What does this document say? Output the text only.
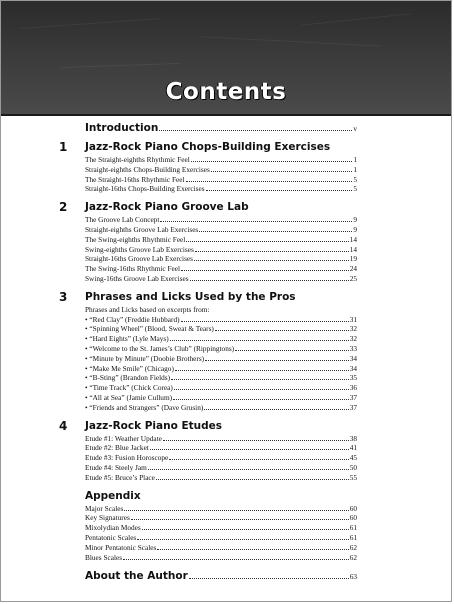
Contents
Introduction	v
1 Jazz-Rock Piano Chops-Building Exercises
The Straight-eighths Rhythmic Feel	1
Straight-eighths Chops-Building Exercises	1
The Straight-16ths Rhythmic Feel	5
Straight-16ths Chops-Building Exercises	5
2 Jazz-Rock Piano Groove Lab
The Groove Lab Concept	9
Straight-eighths Groove Lab Exercises	9
The Swing-eighths Rhythmic Feel	14
Swing-eighths Groove Lab Exercises	14
Straight-16ths Groove Lab Exercises	19
The Swing-16ths Rhythmic Feel	24
Swing-16ths Groove Lab Exercises	25
3 Phrases and Licks Used by the Pros
Phrases and Licks based on excerpts from:
• “Red Clay” (Freddie Hubbard)	31
• “Spinning Wheel” (Blood, Sweat & Tears)	32
• “Hard Eights” (Lyle Mays)	32
• “Welcome to the St. James’s Club” (Rippingtons)	33
• “Minute by Minute” (Doobie Brothers)	34
• “Make Me Smile” (Chicago)	34
• “B-Sting” (Brandon Fields)	35
• “Time Track” (Chick Corea)	36
• “All at Sea” (Jamie Cullum)	37
• “Friends and Strangers” (Dave Grusin)	37
4 Jazz-Rock Piano Etudes
Etude #1: Weather Update	38
Etude #2: Blue Jacket	41
Etude #3: Fusion Horoscope	45
Etude #4: Steely Jam	50
Etude #5: Bruce’s Place	55
Appendix
Major Scales	60
Key Signatures	60
Mixolydian Modes	61
Pentatonic Scales	61
Minor Pentatonic Scales	62
Blues Scales	62
About the Author	63
